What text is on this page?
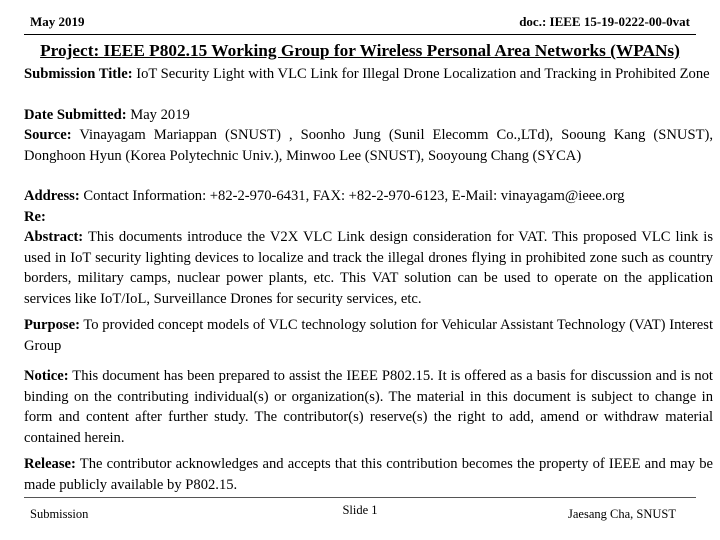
May 2019	doc.: IEEE 15-19-0222-00-0vat
Project: IEEE P802.15 Working Group for Wireless Personal Area Networks (WPANs)

Submission Title: IoT Security Light with VLC Link for Illegal Drone Localization and Tracking in Prohibited Zone

Date Submitted: May 2019

Source: Vinayagam Mariappan (SNUST) , Soonho Jung (Sunil Elecomm Co.,LTd), Sooung Kang (SNUST), Donghoon Hyun (Korea Polytechnic Univ.), Minwoo Lee (SNUST), Sooyoung Chang (SYCA)

Address: Contact Information: +82-2-970-6431, FAX: +82-2-970-6123, E-Mail: vinayagam@ieee.org

Re:

Abstract: This documents introduce the V2X VLC Link design consideration for VAT. This proposed VLC link is used in IoT security lighting devices to localize and track the illegal drones flying in prohibited zone such as country borders, military camps, nuclear power plants, etc. This VAT solution can be used to operate on the application services like IoT/IoL, Surveillance Drones for security services, etc.

Purpose: To provided concept models of VLC technology solution for Vehicular Assistant Technology (VAT) Interest Group

Notice: This document has been prepared to assist the IEEE P802.15. It is offered as a basis for discussion and is not binding on the contributing individual(s) or organization(s). The material in this document is subject to change in form and content after further study. The contributor(s) reserve(s) the right to add, amend or withdraw material contained herein.

Release: The contributor acknowledges and accepts that this contribution becomes the property of IEEE and may be made publicly available by P802.15.

Submission	Slide 1	Jaesang Cha, SNUST
